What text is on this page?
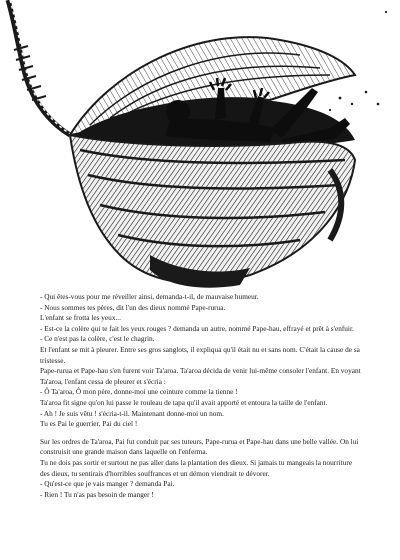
- Qui êtes-vous pour me réveiller ainsi, demanda-t-il, de mauvaise humeur.

- Nous sommes tes pères, dit l'un des dieux nommé Pape-rurua.

L'enfant se frotta les yeux...

- Est-ce la colère qui te fait les yeux rouges ? demanda un autre, nommé Pape-hau, effrayé et prêt à s'enfuir.

- Ce n'est pas la colère, c'est le chagrin.

Et l'enfant se mit à pleurer. Entre ses gros sanglots, il expliqua qu'il était nu et sans nom. C'était la cause de sa tristesse.

Pape-rurua et Pape-hau s'en furent voir Ta'aroa. Ta'aroa décida de venir lui-même consoler l'enfant. En voyant Ta'aroa, l'enfant cessa de pleurer et s'écria :

- Ô Ta'aroa, Ô mon père, donne-moi une ceinture comme la tienne !

Ta'aroa fit signe qu'on lui passe le rouleau de tapa qu'il avait apporté et entoura la taille de l'enfant.

- Ah ! Je suis vêtu ! s'écria-t-il. Maintenant donne-moi un nom.

Tu es Pai le guerrier, Pai du ciel !

Sur les ordres de Ta'aroa, Pai fut conduit par ses tuteurs, Pape-rurua et Pape-hau dans une belle vallée. On lui construisit une grande maison dans laquelle on l'enferma.

Tu ne dois pas sortir et surtout ne pas aller dans la plantation des dieux. Si jamais tu mangeais la nourriture des dieux, tu sentirais d'horribles souffrances et un démon viendrait te dévorer.

- Qu'est-ce que je vais manger ? demanda Pai.

- Rien ! Tu n'as pas besoin de manger !
